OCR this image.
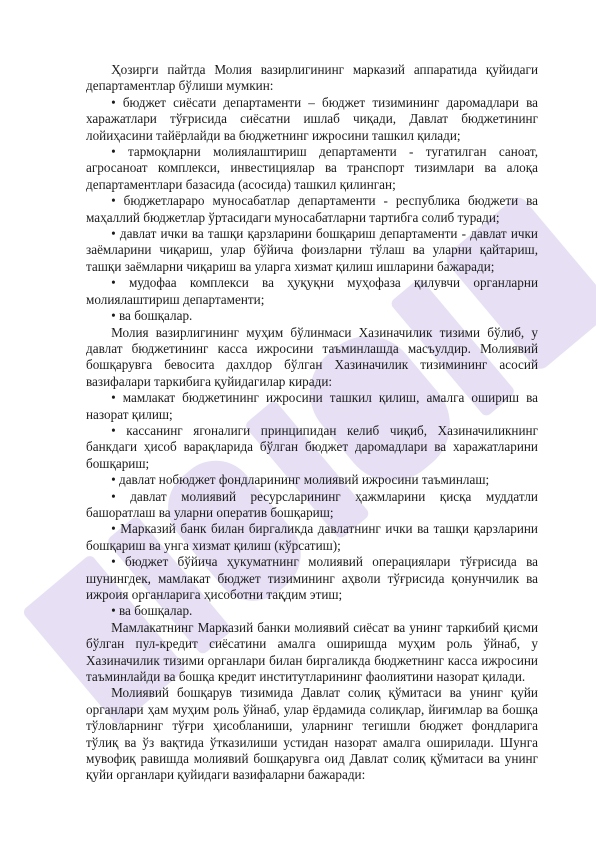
Ҳозирги пайтда Молия вазирлигининг марказий аппаратида қуйидаги департаментлар бўлиши мумкин:

• бюджет сиёсати департаменти – бюджет тизимининг даромадлари ва харажатлари тўғрисида сиёсатни ишлаб чиқади, Давлат бюджетининг лойиҳасини тайёрлайди ва бюджетнинг ижросини ташкил қилади;

• тармоқларни молиялаштириш департаменти - тугатилган саноат, агросаноат комплекси, инвестициялар ва транспорт тизимлари ва алоқа департаментлари базасида (асосида) ташкил қилинган;

• бюджетлараро муносабатлар департаменти - республика бюджети ва маҳаллий бюджетлар ўртасидаги муносабатларни тартибга солиб туради;

• давлат ички ва ташқи қарзларини бошқариш департаменти - давлат ички заёмларини чиқариш, улар бўйича фоизларни тўлаш ва уларни қайтариш, ташқи заёмларни чиқариш ва уларга хизмат қилиш ишларини бажаради;

• мудофаа комплекси ва ҳуқуқни муҳофаза қилувчи органларни молиялаштириш департаменти;

• ва бошқалар.

Молия вазирлигининг муҳим бўлинмаси Хазиначилик тизими бўлиб, у давлат бюджетининг касса ижросини таъминлашда масъулдир. Молиявий бошқарувга бевосита дахлдор бўлган Хазиначилик тизимининг асосий вазифалари таркибига қуйидагилар киради:

• мамлакат бюджетининг ижросини ташкил қилиш, амалга ошириш ва назорат қилиш;

• кассанинг ягоналиги принципидан келиб чиқиб, Хазиначиликнинг банкдаги ҳисоб варақларида бўлган бюджет даромадлари ва харажатларини бошқариш;

• давлат нобюджет фондларининг молиявий ижросини таъминлаш;

• давлат молиявий ресурсларининг ҳажмларини қисқа муддатли башоратлаш ва уларни оператив бошқариш;

• Марказий банк билан биргаликда давлатнинг ички ва ташқи қарзларини бошқариш ва унга хизмат қилиш (кўрсатиш);

• бюджет бўйича ҳукуматнинг молиявий операциялари тўғрисида ва шунингдек, мамлакат бюджет тизимининг аҳволи тўғрисида қонунчилик ва ижроия органларига ҳисоботни тақдим этиш;

• ва бошқалар.

Мамлакатнинг Марказий банки молиявий сиёсат ва унинг таркибий қисми бўлган пул-кредит сиёсатини амалга оширишда муҳим роль ўйнаб, у Хазиначилик тизими органлари билан биргаликда бюджетнинг касса ижросини таъминлайди ва бошқа кредит институтларининг фаолиятини назорат қилади.

Молиявий бошқарув тизимида Давлат солиқ қўмитаси ва унинг қуйи органлари ҳам муҳим роль ўйнаб, улар ёрдамида солиқлар, йиғимлар ва бошқа тўловларнинг тўғри ҳисобланиши, уларнинг тегишли бюджет фондларига тўлиқ ва ўз вақтида ўтказилиши устидан назорат амалга оширилади. Шунга мувофиқ равишда молиявий бошқарувга оид Давлат солиқ қўмитаси ва унинг қуйи органлари қуйидаги вазифаларни бажаради:
